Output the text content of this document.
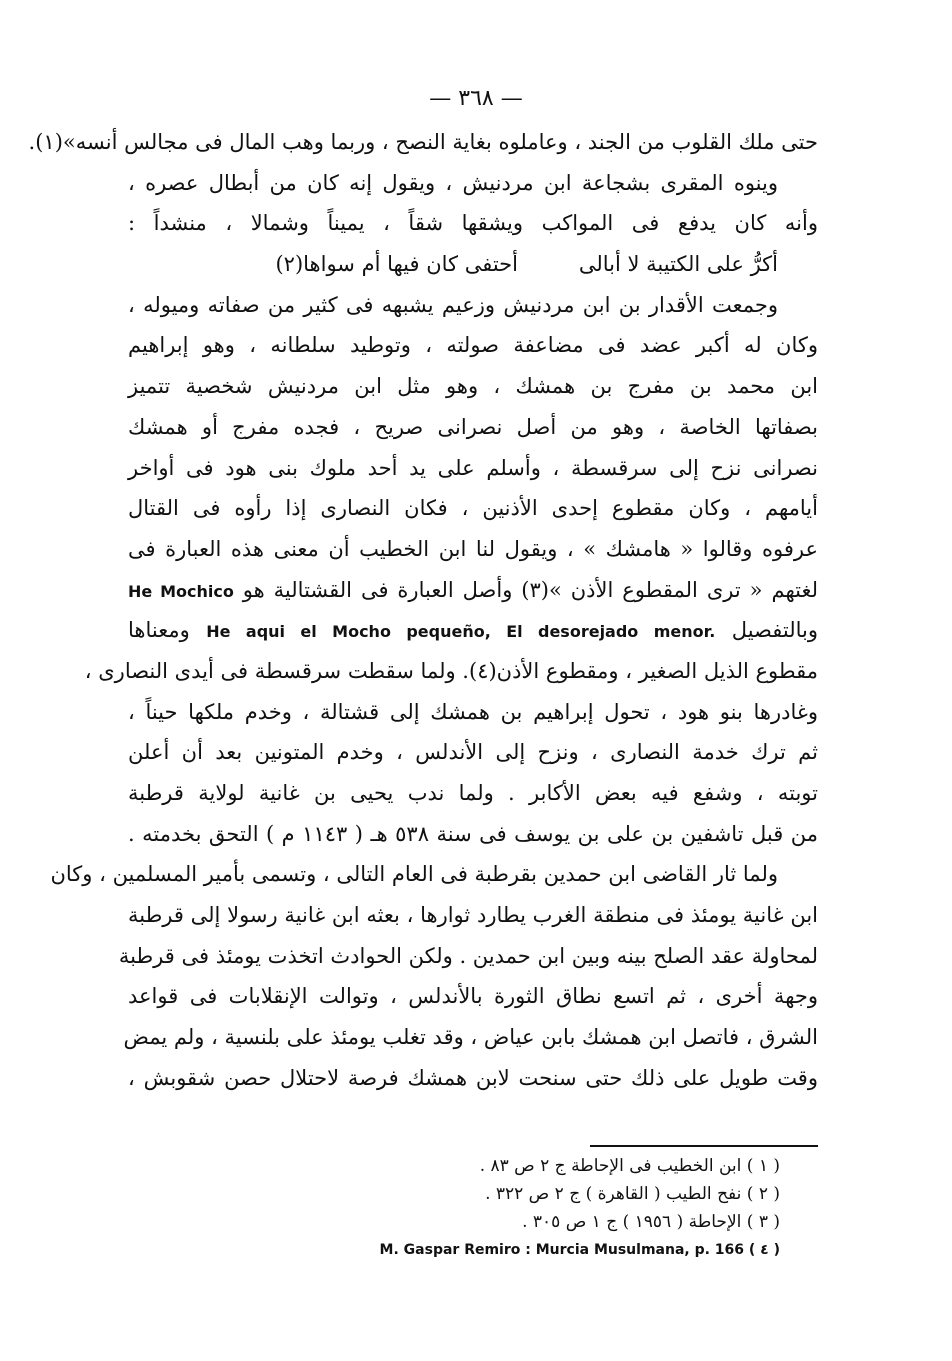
— ٣٦٨ —
حتى ملك القلوب من الجند ، وعاملوه بغاية النصح ، وربما وهب المال فى مجالس أنسه»(١).
وينوه المقرى بشجاعة ابن مردنيش ، ويقول إنه كان من أبطال عصره ،
وأنه كان يدفع فى المواكب ويشقها شقاً ، يميناً وشمالا ، منشداً :
أكرُّ على الكتيبة لا أبالى
أحتفى كان فيها أم سواها(٢)
وجمعت الأقدار بن ابن مردنيش وزعيم يشبهه فى كثير من صفاته وميوله ،
وكان له أكبر عضد فى مضاعفة صولته ، وتوطيد سلطانه ، وهو إبراهيم
ابن محمد بن مفرج بن همشك ، وهو مثل ابن مردنيش شخصية تتميز
بصفاتها الخاصة ، وهو من أصل نصرانى صريح ، فجده مفرج أو همشك
نصرانى نزح إلى سرقسطة ، وأسلم على يد أحد ملوك بنى هود فى أواخر
أيامهم ، وكان مقطوع إحدى الأذنين ، فكان النصارى إذا رأوه فى القتال
عرفوه وقالوا « هامشك » ، ويقول لنا ابن الخطيب أن معنى هذه العبارة فى
لغتهم « ترى المقطوع الأذن »(٣) وأصل العبارة فى القشتالية هو He Mochico
وبالتفصيل He aqui el Mocho pequeño, El desorejado menor. ومعناها
مقطوع الذيل الصغير ، ومقطوع الأذن(٤). ولما سقطت سرقسطة فى أيدى النصارى ،
وغادرها بنو هود ، تحول إبراهيم بن همشك إلى قشتالة ، وخدم ملكها حيناً ،
ثم ترك خدمة النصارى ، ونزح إلى الأندلس ، وخدم المتونين بعد أن أعلن
توبته ، وشفع فيه بعض الأكابر . ولما ندب يحيى بن غانية لولاية قرطبة
من قبل تاشفين بن على بن يوسف فى سنة ٥٣٨ هـ ( ١١٤٣ م ) التحق بخدمته .
ولما ثار القاضى ابن حمدين بقرطبة فى العام التالى ، وتسمى بأمير المسلمين ، وكان
ابن غانية يومئذ فى منطقة الغرب يطارد ثوارها ، بعثه ابن غانية رسولا إلى قرطبة
لمحاولة عقد الصلح بينه وبين ابن حمدين . ولكن الحوادث اتخذت يومئذ فى قرطبة
وجهة أخرى ، ثم اتسع نطاق الثورة بالأندلس ، وتوالت الإنقلابات فى قواعد
الشرق ، فاتصل ابن همشك بابن عياض ، وقد تغلب يومئذ على بلنسية ، ولم يمض
وقت طويل على ذلك حتى سنحت لابن همشك فرصة لاحتلال حصن شقوبش ،
( ١ ) ابن الخطيب فى الإحاطة ج ٢ ص ٨٣ .
( ٢ ) نفح الطيب ( القاهرة ) ج ٢ ص ٣٢٢ .
( ٣ ) الإحاطة ( ١٩٥٦ ) ج ١ ص ٣٠٥ .
M. Gaspar Remiro : Murcia Musulmana, p. 166 ( ٤ )
